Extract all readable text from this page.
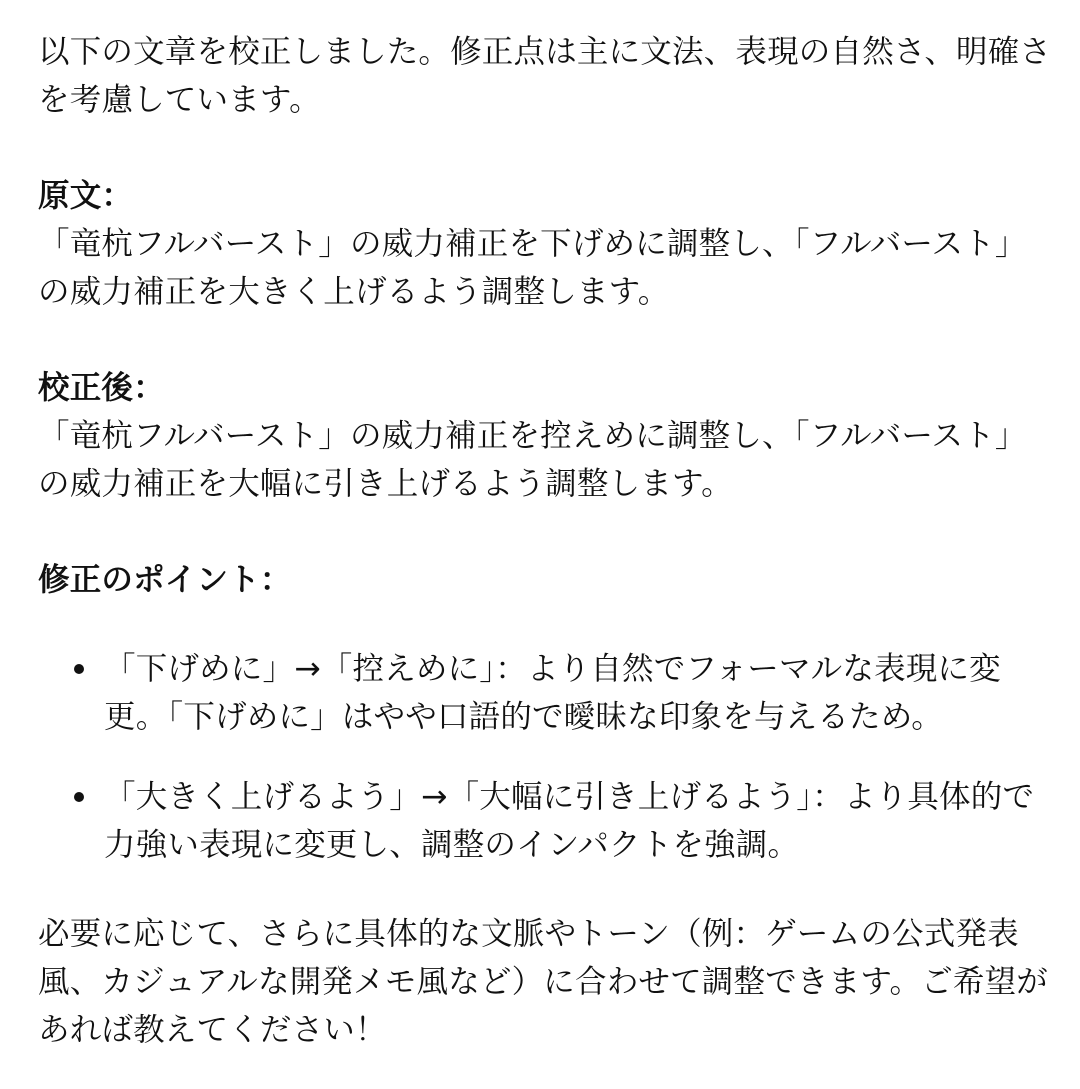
以下の文章を校正しました。修正点は主に文法、表現の自然さ、明確さを考慮しています。

原文：

「竜杭フルバースト」の威力補正を下げめに調整し、「フルバースト」の威力補正を大きく上げるよう調整します。

校正後：

「竜杭フルバースト」の威力補正を控えめに調整し、「フルバースト」の威力補正を大幅に引き上げるよう調整します。

修正のポイント：

「下げめに」→「控えめに」：より自然でフォーマルな表現に変更。「下げめに」はやや口語的で曖昧な印象を与えるため。
「大きく上げるよう」→「大幅に引き上げるよう」：より具体的で力強い表現に変更し、調整のインパクトを強調。

必要に応じて、さらに具体的な文脈やトーン（例：ゲームの公式発表風、カジュアルな開発メモ風など）に合わせて調整できます。ご希望があれば教えてください！
